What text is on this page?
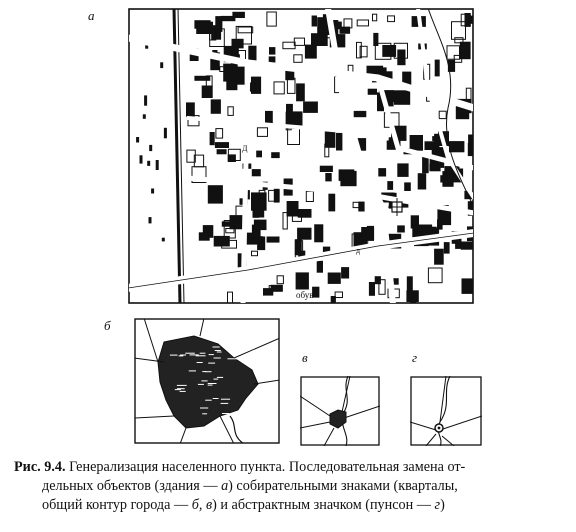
а
б
в	г
обув
т
Д
д
Рис. 9.4. Генерализация населенного пункта. Последовательная замена от-
дельных объектов (здания — а) собирательными знаками (кварталы,
общий контур города — б, в) и абстрактным значком (пунсон — г)
